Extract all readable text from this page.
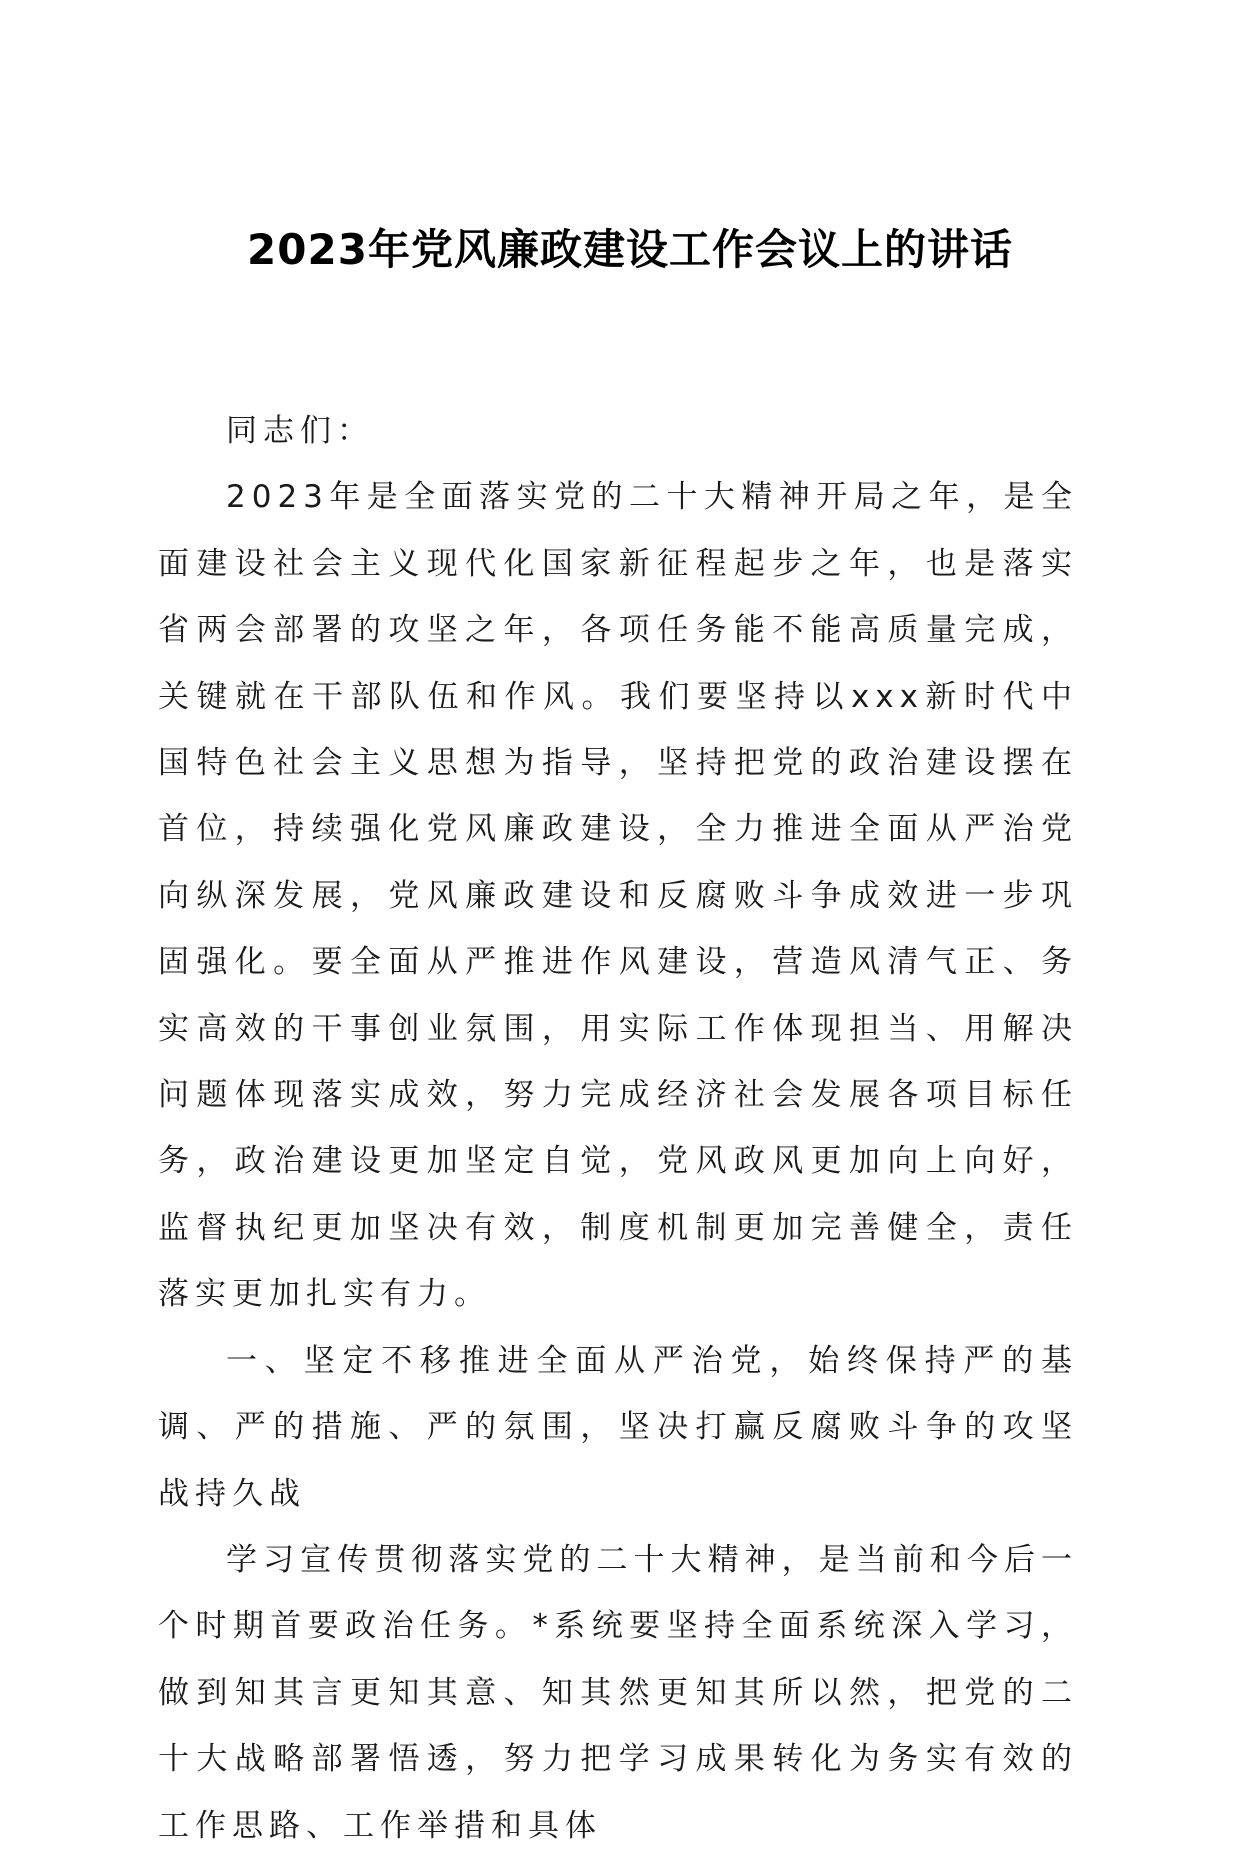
2023年党风廉政建设工作会议上的讲话

同志们：

2023年是全面落实党的二十大精神开局之年，是全面建设社会主义现代化国家新征程起步之年，也是落实省两会部署的攻坚之年，各项任务能不能高质量完成，关键就在干部队伍和作风。我们要坚持以xxx新时代中国特色社会主义思想为指导，坚持把党的政治建设摆在首位，持续强化党风廉政建设，全力推进全面从严治党向纵深发展，党风廉政建设和反腐败斗争成效进一步巩固强化。要全面从严推进作风建设，营造风清气正、务实高效的干事创业氛围，用实际工作体现担当、用解决问题体现落实成效，努力完成经济社会发展各项目标任务，政治建设更加坚定自觉，党风政风更加向上向好，监督执纪更加坚决有效，制度机制更加完善健全，责任落实更加扎实有力。

一、坚定不移推进全面从严治党，始终保持严的基调、严的措施、严的氛围，坚决打赢反腐败斗争的攻坚战持久战

学习宣传贯彻落实党的二十大精神，是当前和今后一个时期首要政治任务。*系统要坚持全面系统深入学习，做到知其言更知其意、知其然更知其所以然，把党的二十大战略部署悟透，努力把学习成果转化为务实有效的工作思路、工作举措和具体
